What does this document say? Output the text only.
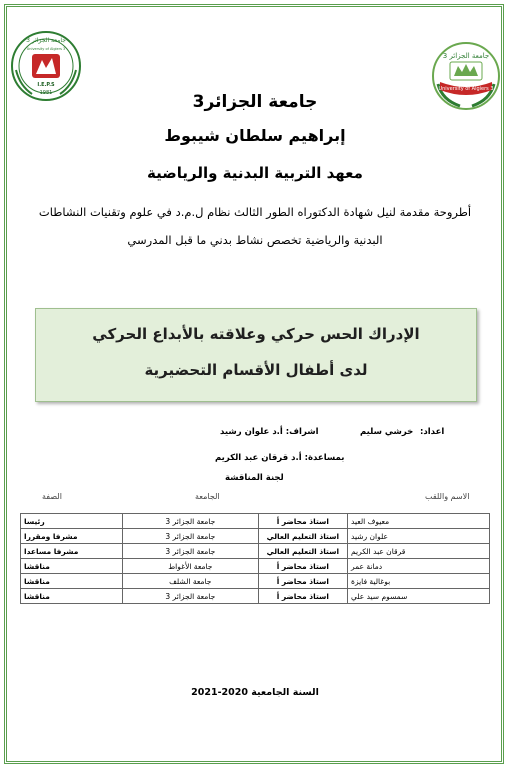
جامعة الجزائر 3
University of Algiers 3
I.E.P.S
1981
جامعة الجزائر 3
University of Algiers 3
جامعة الجزائر3
إبراهيم سلطان شيبوط
معهد التربية البدنية والرياضية
أطروحة مقدمة لنيل شهادة الدكتوراه الطور الثالث نظام ل.م.د في علوم وتقنيات النشاطات
البدنية والرياضية تخصص نشاط بدني ما قبل المدرسي
الإدراك الحس حركي وعلاقته بالأبداع الحركي
لدى أطفال الأقسام التحضيرية
اعداد:
خرشي سليم
اشراف: أ.د علوان رشيد
بمساعدة: أ.د قرقان عبد الكريم
لجنة المناقشة
الاسم واللقب
الجامعة
الصفة
رئيسا	جامعة الجزائر 3	استاذ محاضر أ	معيوف العيد
مشرفا ومقررا	جامعة الجزائر 3	استاذ التعليم العالي	علوان رشيد
مشرفا مساعدا	جامعة الجزائر 3	استاذ التعليم العالي	قرقان عبد الكريم
مناقشا	جامعة الأغواط	استاذ محاضر أ	دمانة عمر
مناقشا	جامعة الشلف	استاذ محاضر أ	بوغالية فايزة
مناقشا	جامعة الجزائر 3	استاذ محاضر أ	سمسوم سيد علي
السنة الجامعية 2020-2021
